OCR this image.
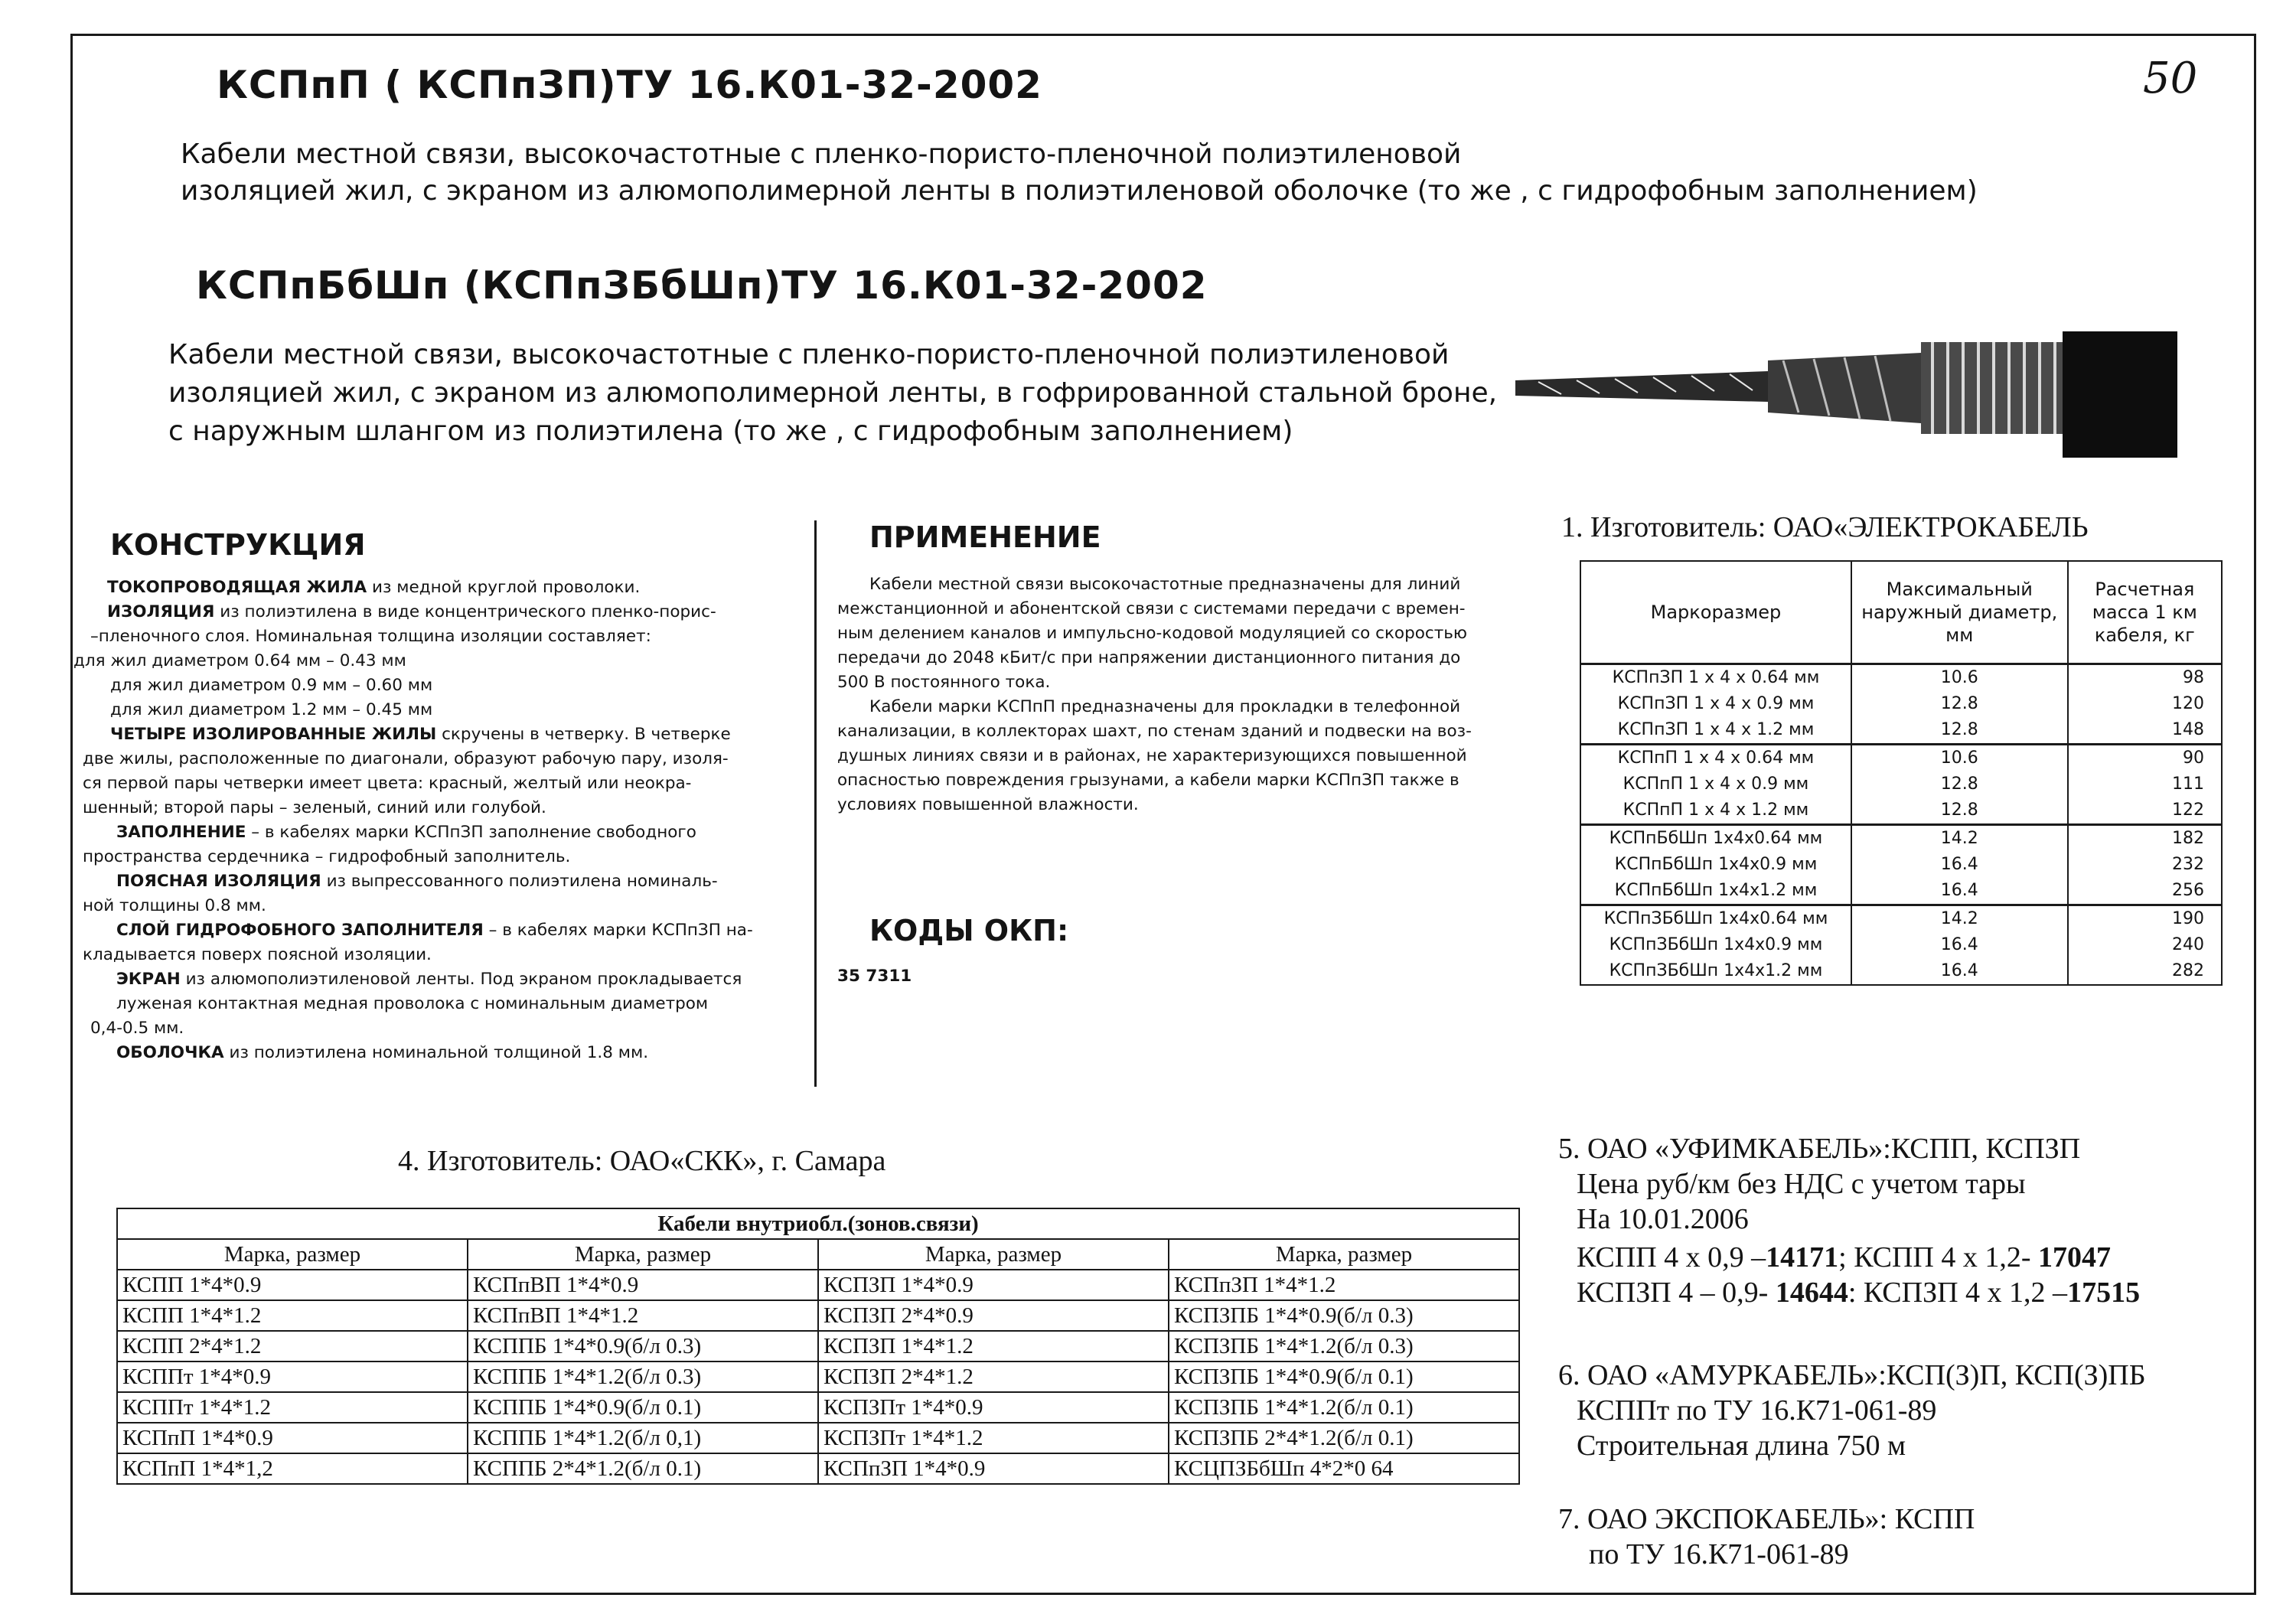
КСПпП ( КСПпЗП)ТУ 16.К01-32-2002	50
Кабели местной связи, высокочастотные с пленко-пористо-пленочной полиэтиленовой
изоляцией жил, с экраном из алюмополимерной ленты в полиэтиленовой оболочке (то же , с гидрофобным заполнением)
КСПпБбШп (КСПпЗБбШп)ТУ 16.К01-32-2002
Кабели местной связи, высокочастотные с пленко-пористо-пленочной полиэтиленовой
изоляцией жил, с экраном из алюмополимерной ленты, в гофрированной стальной броне,
с наружным шлангом из полиэтилена (то же , с гидрофобным заполнением)
КОНСТРУКЦИЯ
ТОКОПРОВОДЯЩАЯ ЖИЛА из медной круглой проволоки.
ИЗОЛЯЦИЯ из полиэтилена в виде концентрического пленко-порис-
–пленочного слоя. Номинальная толщина изоляции составляет:
для жил диаметром 0.64 мм – 0.43 мм
для жил диаметром 0.9 мм – 0.60 мм
для жил диаметром 1.2 мм – 0.45 мм
ЧЕТЫРЕ ИЗОЛИРОВАННЫЕ ЖИЛЫ скручены в четверку. В четверке
две жилы, расположенные по диагонали, образуют рабочую пару, изоля-
ся первой пары четверки имеет цвета: красный, желтый или неокра-
шенный; второй пары – зеленый, синий или голубой.
ЗАПОЛНЕНИЕ – в кабелях марки КСПпЗП заполнение свободного
пространства сердечника – гидрофобный заполнитель.
ПОЯСНАЯ ИЗОЛЯЦИЯ из выпрессованного полиэтилена номиналь-
ной толщины 0.8 мм.
СЛОЙ ГИДРОФОБНОГО ЗАПОЛНИТЕЛЯ – в кабелях марки КСПпЗП на-
кладывается поверх поясной изоляции.
ЭКРАН из алюмополиэтиленовой ленты. Под экраном прокладывается
луженая контактная медная проволока с номинальным диаметром
0,4-0.5 мм.
ОБОЛОЧКА из полиэтилена номинальной толщиной 1.8 мм.
ПРИМЕНЕНИЕ
Кабели местной связи высокочастотные предназначены для линий
межстанционной и абонентской связи с системами передачи с времен-
ным делением каналов и импульсно-кодовой модуляцией со скоростью
передачи до 2048 кБит/с при напряжении дистанционного питания до
500 В постоянного тока.
Кабели марки КСПпП предназначены для прокладки в телефонной
канализации, в коллекторах шахт, по стенам зданий и подвески на воз-
душных линиях связи и в районах, не характеризующихся повышенной
опасностью повреждения грызунами, а кабели марки КСПпЗП также в
условиях повышенной влажности.
КОДЫ ОКП:
35 7311
1. Изготовитель: ОАО«ЭЛЕКТРОКАБЕЛЬ
Маркоразмер	Максимальный наружный диаметр, мм	Расчетная масса 1 км кабеля, кг
КСПпЗП 1 х 4 х 0.64 мм	10.6	98
КСПпЗП 1 х 4 х 0.9 мм	12.8	120
КСПпЗП 1 х 4 х 1.2 мм	12.8	148
КСПпП 1 х 4 х 0.64 мм	10.6	90
КСПпП 1 х 4 х 0.9 мм	12.8	111
КСПпП 1 х 4 х 1.2 мм	12.8	122
КСПпБбШп 1х4х0.64 мм	14.2	182
КСПпБбШп 1х4х0.9 мм	16.4	232
КСПпБбШп 1х4х1.2 мм	16.4	256
КСПпЗБбШп 1х4х0.64 мм	14.2	190
КСПпЗБбШп 1х4х0.9 мм	16.4	240
КСПпЗБбШп 1х4х1.2 мм	16.4	282
4. Изготовитель: ОАО«СКК», г. Самара
Кабели внутриобл.(зонов.связи)			
Марка, размер	Марка, размер	Марка, размер	Марка, размер
КСПП 1*4*0.9	КСПпВП 1*4*0.9	КСПЗП 1*4*0.9	КСПпЗП 1*4*1.2
КСПП 1*4*1.2	КСПпВП 1*4*1.2	КСПЗП 2*4*0.9	КСПЗПБ 1*4*0.9(б/л 0.3)
КСПП 2*4*1.2	КСППБ 1*4*0.9(б/л 0.3)	КСПЗП 1*4*1.2	КСПЗПБ 1*4*1.2(б/л 0.3)
КСППт 1*4*0.9	КСППБ 1*4*1.2(б/л 0.3)	КСПЗП 2*4*1.2	КСПЗПБ 1*4*0.9(б/л 0.1)
КСППт 1*4*1.2	КСППБ 1*4*0.9(б/л 0.1)	КСПЗПт 1*4*0.9	КСПЗПБ 1*4*1.2(б/л 0.1)
КСПпП 1*4*0.9	КСППБ 1*4*1.2(б/л 0,1)	КСПЗПт 1*4*1.2	КСПЗПБ 2*4*1.2(б/л 0.1)
КСПпП 1*4*1,2	КСППБ 2*4*1.2(б/л 0.1)	КСПпЗП 1*4*0.9	КСЦПЗБбШп 4*2*0 64
5. ОАО «УФИМКАБЕЛЬ»:КСПП, КСПЗП
Цена руб/км без НДС с учетом тары
На 10.01.2006
КСПП 4 х 0,9 –14171; КСПП 4 х 1,2- 17047
КСПЗП 4 – 0,9- 14644: КСПЗП 4 х 1,2 –17515
6. ОАО «АМУРКАБЕЛЬ»:КСП(З)П, КСП(З)ПБ
КСППт по ТУ 16.К71-061-89
Строительная длина 750 м
7. ОАО ЭКСПОКАБЕЛЬ»: КСПП
по ТУ 16.К71-061-89
